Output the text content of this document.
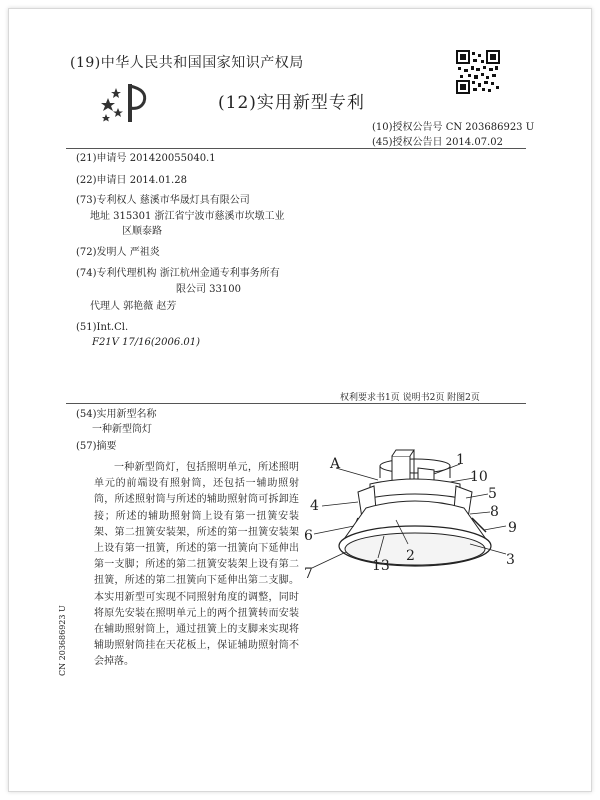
(19)中华人民共和国国家知识产权局
(12)实用新型专利
(10)授权公告号 CN 203686923 U
(45)授权公告日 2014.07.02
(21)申请号 201420055040.1
(22)申请日 2014.01.28
(73)专利权人 慈溪市华晟灯具有限公司
地址 315301 浙江省宁波市慈溪市坎墩工业
区顺泰路
(72)发明人 严祖炎
(74)专利代理机构 浙江杭州金通专利事务所有
限公司 33100
代理人 郭艳薇 赵芳
(51)Int.Cl.
F21V 17/16(2006.01)
权利要求书1页 说明书2页 附图2页
(54)实用新型名称
一种新型筒灯
(57)摘要
一种新型筒灯，包括照明单元，所述照明单元的前端设有照射筒，还包括一辅助照射筒，所述照射筒与所述的辅助照射筒可拆卸连接；所述的辅助照射筒上设有第一扭簧安装架、第二扭簧安装架，所述的第一扭簧安装架上设有第一扭簧，所述的第一扭簧向下延伸出第一支脚；所述的第二扭簧安装架上设有第二扭簧，所述的第二扭簧向下延伸出第二支脚。本实用新型可实现不同照射角度的调整，同时将原先安装在照明单元上的两个扭簧转而安装在辅助照射筒上，通过扭簧上的支脚来实现将辅助照射筒挂在天花板上，保证辅助照射筒不会掉落。
A	1
10
4
5
8
6	9
2
13	3
7
CN 203686923 U
